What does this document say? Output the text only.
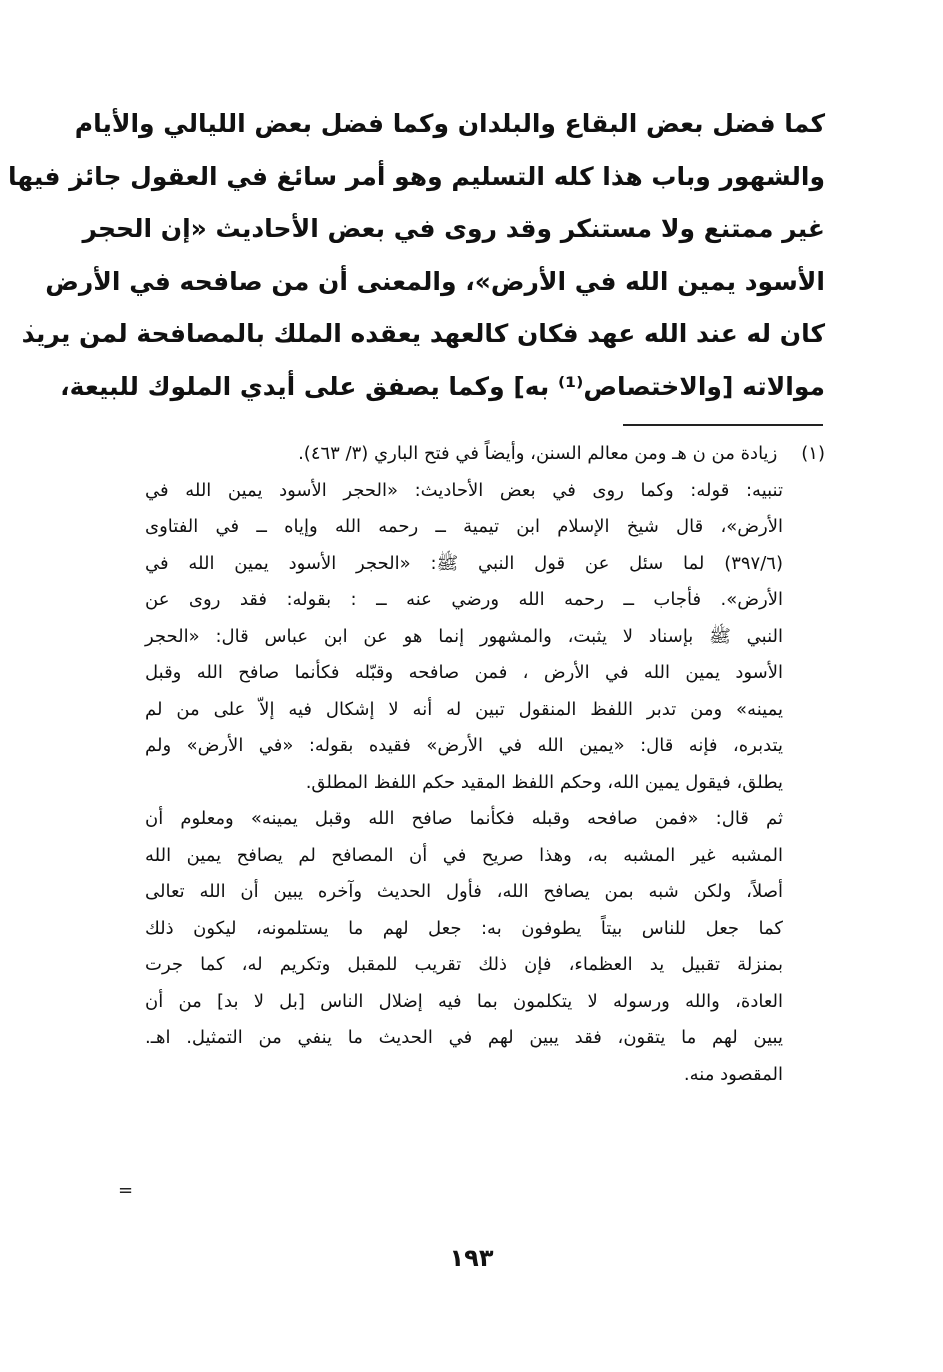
كما فضل بعض البقاع والبلدان وكما فضل بعض الليالي والأيام
والشهور وباب هذا كله التسليم وهو أمر سائغ في العقول جائز فيها
غير ممتنع ولا مستنكر وقد روى في بعض الأحاديث «إن الحجر
الأسود يمين الله في الأرض»، والمعنى أن من صافحه في الأرض
كان له عند الله عهد فكان كالعهد يعقده الملك بالمصافحة لمن يريد
موالاته [والاختصاص⁽¹⁾ به] وكما يصفق على أيدي الملوك للبيعة،
(١) زيادة من ن هـ ومن معالم السنن، وأيضاً في فتح الباري (٣/ ٤٦٣).
تنبيه: قوله: وكما روى في بعض الأحاديث: «الحجر الأسود يمين الله في
الأرض»، قال شيخ الإسلام ابن تيمية ــ رحمه الله وإياه ــ في الفتاوى
(٣٩٧/٦) لما سئل عن قول النبي ﷺ: «الحجر الأسود يمين الله في
الأرض». فأجاب ــ رحمه الله ورضي عنه ــ : بقوله: فقد روى عن
النبي ﷺ بإسناد لا يثبت، والمشهور إنما هو عن ابن عباس قال: «الحجر
الأسود يمين الله في الأرض ، فمن صافحه وقبّله فكأنما صافح الله وقبل
يمينه» ومن تدبر اللفظ المنقول تبين له أنه لا إشكال فيه إلاّ على من لم
يتدبره، فإنه قال: «يمين الله في الأرض» فقيده بقوله: «في الأرض» ولم
يطلق، فيقول يمين الله، وحكم اللفظ المقيد حكم اللفظ المطلق.
ثم قال: «فمن صافحه وقبله فكأنما صافح الله وقبل يمينه» ومعلوم أن
المشبه غير المشبه به، وهذا صريح في أن المصافح لم يصافح يمين الله
أصلاً، ولكن شبه بمن يصافح الله، فأول الحديث وآخره يبين أن الله تعالى
كما جعل للناس بيتاً يطوفون به: جعل لهم ما يستلمونه، ليكون ذلك
بمنزلة تقبيل يد العظماء، فإن ذلك تقريب للمقبل وتكريم له، كما جرت
العادة، والله ورسوله لا يتكلمون بما فيه إضلال الناس [بل لا بد] من أن
يبين لهم ما يتقون، فقد يبين لهم في الحديث ما ينفي من التمثيل. اهـ.
المقصود منه.
=
١٩٣
